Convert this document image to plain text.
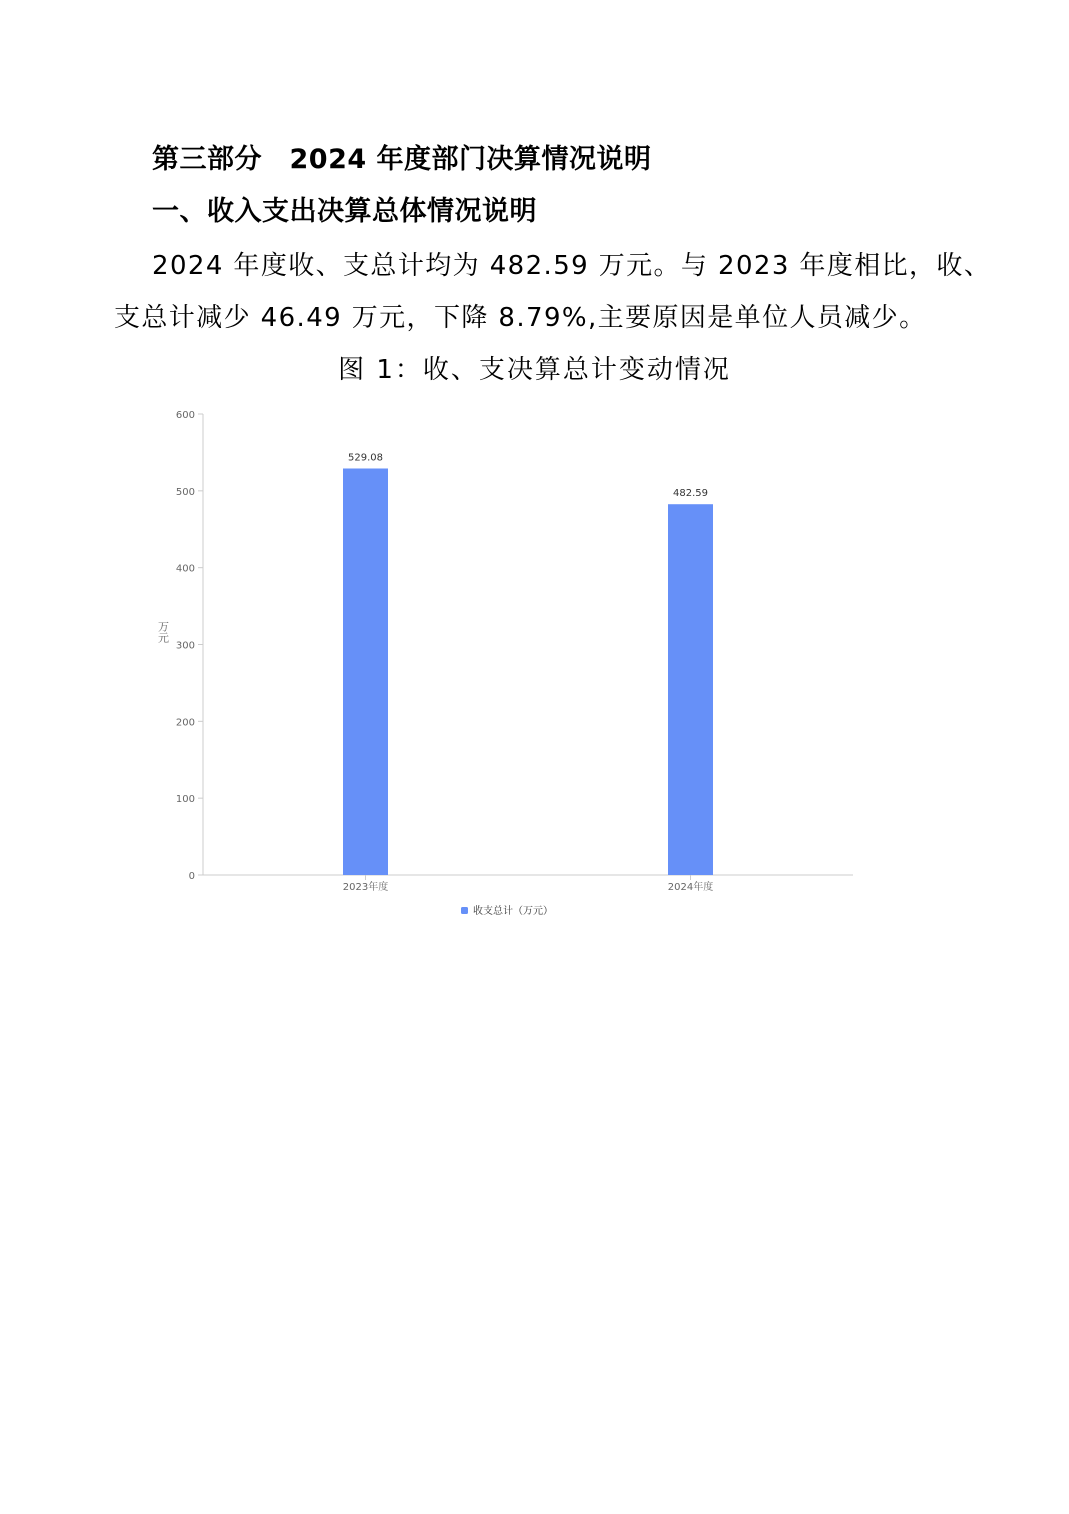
第三部分　2024 年度部门决算情况说明
一、收入支出决算总体情况说明

2024 年度收、支总计均为 482.59 万元。与 2023 年度相比，收、

支总计减少 46.49 万元，下降 8.79%,主要原因是单位人员减少。

图 1：收、支决算总计变动情况
0
100
200
300
400
500
600
529.08
482.59
2023年度	2024年度
万元
收支总计（万元）
